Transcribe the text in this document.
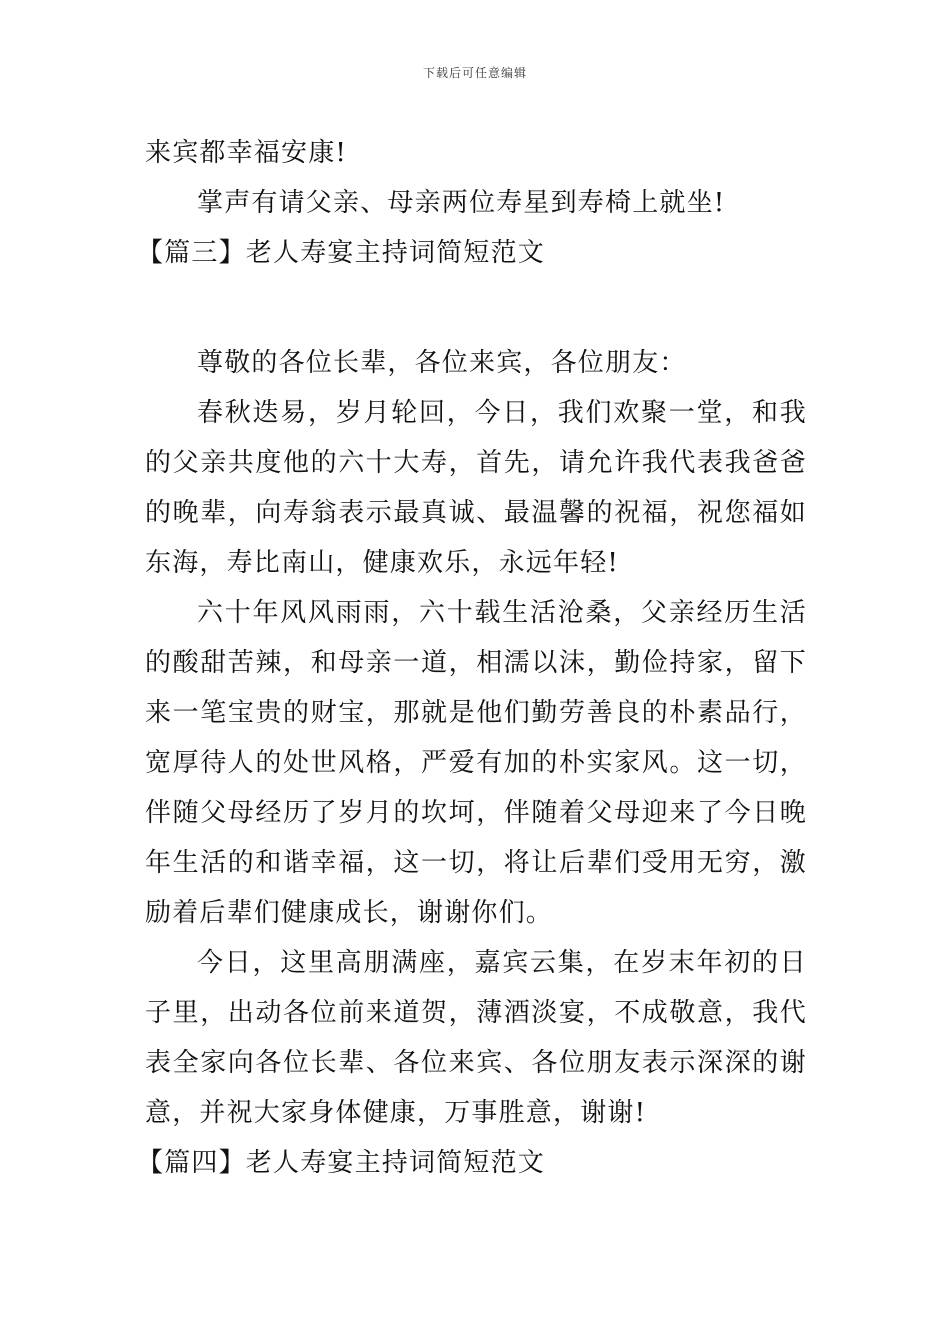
下载后可任意编辑

来宾都幸福安康!

掌声有请父亲、母亲两位寿星到寿椅上就坐!

【篇三】老人寿宴主持词简短范文

尊敬的各位长辈，各位来宾，各位朋友：

春秋迭易，岁月轮回，今日，我们欢聚一堂，和我的父亲共度他的六十大寿，首先，请允许我代表我爸爸的晚辈，向寿翁表示最真诚、最温馨的祝福，祝您福如东海，寿比南山，健康欢乐，永远年轻!

六十年风风雨雨，六十载生活沧桑，父亲经历生活的酸甜苦辣，和母亲一道，相濡以沫，勤俭持家，留下来一笔宝贵的财宝，那就是他们勤劳善良的朴素品行，宽厚待人的处世风格，严爱有加的朴实家风。这一切，伴随父母经历了岁月的坎坷，伴随着父母迎来了今日晚年生活的和谐幸福，这一切，将让后辈们受用无穷，激励着后辈们健康成长，谢谢你们。

今日，这里高朋满座，嘉宾云集，在岁末年初的日子里，出动各位前来道贺，薄酒淡宴，不成敬意，我代表全家向各位长辈、各位来宾、各位朋友表示深深的谢意，并祝大家身体健康，万事胜意，谢谢!

【篇四】老人寿宴主持词简短范文
